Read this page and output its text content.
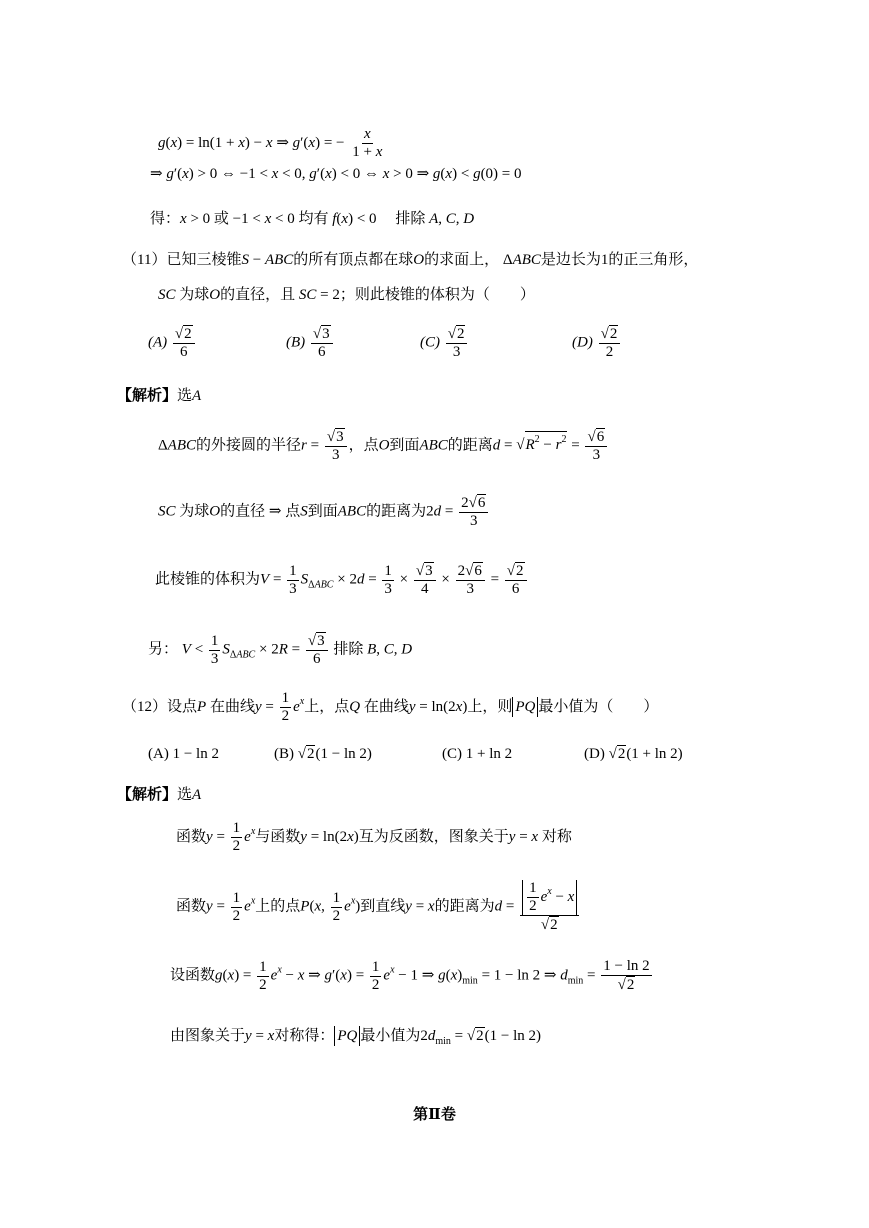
g(x) = ln(1 + x) − x ⇒ g′(x) = − $\frac{x}{1 + x}$
⇒ g′(x) > 0 ⇔ −1 < x < 0, g′(x) < 0 ⇔ x > 0 ⇒ g(x) < g(0) = 0
得：x > 0 或 −1 < x < 0 均有 f(x) < 0　 排除 A, C, D
（11）已知三棱锥S − ABC的所有顶点都在球O的求面上， ΔABC是边长为1的正三角形，
SC 为球O的直径，且 SC = 2；则此棱锥的体积为（　　）
$(A) \frac{√2}{6}$	$(B) \frac{√3}{6}$	$(C) \frac{√2}{3}$	$(D) \frac{√2}{2}$
【解析】选A
ΔABC的外接圆的半径$r = \frac{√3}{3}$ ，点O到面ABC的距离$d = √R^2 - r^2 = \frac{√6}{3}$
SC 为球O的直径 ⇒ 点S到面ABC的距离为$2d = \frac{2√6}{3}$
此棱锥的体积为$V = \frac{1}{3} S_{\Delta ABC} \times 2d = \frac{1}{3} \times \frac{√3}{4} \times \frac{2√6}{3} = \frac{√2}{6}$
另： $V < \frac{1}{3} S_{\Delta ABC} \times 2R = \frac{√3}{6}$ 排除 B, C, D
（12）设点P 在曲线$y = \frac{1}{2} e^x$上，点Q 在曲线y = ln(2x)上，则 PQ 最小值为（　　）
(A) 1 − ln 2	(B) √2(1 − ln 2)	(C) 1 + ln 2	(D) √2(1 + ln 2)
【解析】选A
函数$y = \frac{1}{2} e^x$与函数y = ln(2x)互为反函数，图象关于y = x 对称
函数$y = \frac{1}{2} e^x$上的点P(x, $\frac{1}{2} e^x$)到直线y = x的距离为$d = \frac{\frac{1}{2} e^x - x}{√2}$
设函数$g(x) = \frac{1}{2} e^x - x$ ⇒ $g'(x) = \frac{1}{2} e^x - 1$ ⇒ $g(x)_{min} = 1 - \ln 2$ ⇒ $d_{min} = \frac{1 - \ln 2}{√2}$
由图象关于y = x对称得： PQ 最小值为$2d_{min} = √2(1 - \ln 2)$
第Ⅱ卷
